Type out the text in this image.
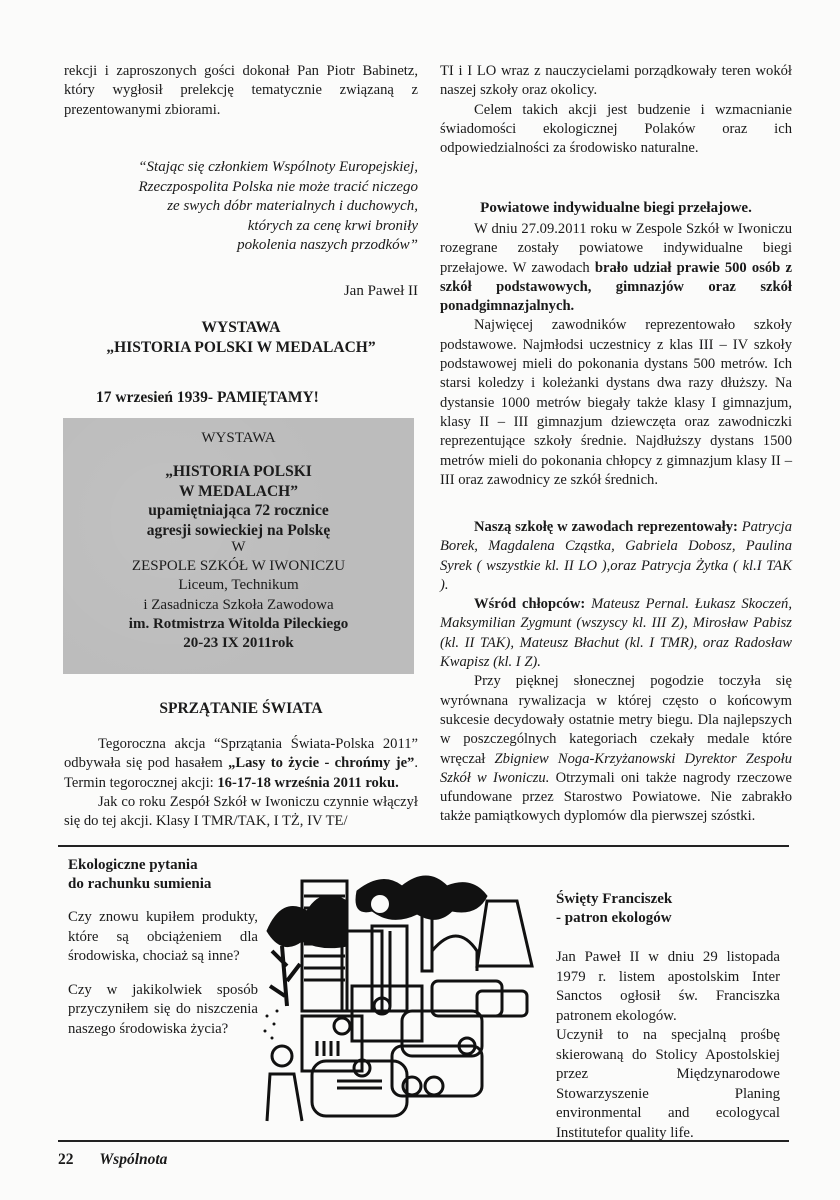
rekcji i zaproszonych gości dokonał Pan Piotr Babinetz, który wygłosił prelekcję tematycznie związaną z prezentowanymi zbiorami.

“Stając się członkiem Wspólnoty Europejskiej,
Rzeczpospolita Polska nie może tracić niczego
ze swych dóbr materialnych i duchowych,
których za cenę krwi broniły
pokolenia naszych przodków”
Jan Paweł II
WYSTAWA
„HISTORIA POLSKI W MEDALACH”
17 wrzesień 1939- PAMIĘTAMY!
WYSTAWA
„HISTORIA POLSKI
W MEDALACH”
upamiętniająca 72 rocznice
agresji sowieckiej na Polskę
W
ZESPOLE SZKÓŁ W IWONICZU
Liceum, Technikum
i Zasadnicza Szkoła Zawodowa
im. Rotmistrza Witolda Pileckiego
20-23 IX 2011rok
SPRZĄTANIE ŚWIATA

Tegoroczna akcja “Sprzątania Świata-Polska 2011” odbywała się pod hasałem „Lasy to życie - chrońmy je”. Termin tegorocznej akcji: 16-17-18 września 2011 roku.

Jak co roku Zespół Szkół w Iwoniczu czynnie włączył się do tej akcji. Klasy I TMR/TAK, I TŻ, IV TE/

TI i I LO wraz z nauczycielami porządkowały teren wokół naszej szkoły oraz okolicy.

Celem takich akcji jest budzenie i wzmacnianie świadomości ekologicznej Polaków oraz ich odpowiedzialności za środowisko naturalne.

Powiatowe indywidualne biegi przełajowe.

W dniu 27.09.2011 roku w Zespole Szkół w Iwoniczu rozegrane zostały powiatowe indywidualne biegi przełajowe. W zawodach brało udział prawie 500 osób z szkół podstawowych, gimnazjów oraz szkół ponadgimnazjalnych.

Najwięcej zawodników reprezentowało szkoły podstawowe. Najmłodsi uczestnicy z klas III – IV szkoły podstawowej mieli do pokonania dystans 500 metrów. Ich starsi koledzy i koleżanki dystans dwa razy dłuższy. Na dystansie 1000 metrów biegały także klasy I gimnazjum, klasy II – III gimnazjum dziewczęta oraz zawodniczki reprezentujące szkoły średnie. Najdłuższy dystans 1500 metrów mieli do pokonania chłopcy z gimnazjum klasy II – III oraz zawodnicy ze szkół średnich.

Naszą szkołę w zawodach reprezentowały: Patrycja Borek, Magdalena Cząstka, Gabriela Dobosz, Paulina Syrek ( wszystkie kl. II LO ),oraz Patrycja Żytka ( kl.I TAK ).

Wśród chłopców: Mateusz Pernal. Łukasz Skoczeń, Maksymilian Zygmunt (wszyscy kl. III Z), Mirosław Pabisz (kl. II TAK), Mateusz Błachut (kl. I TMR), oraz Radosław Kwapisz (kl. I Z).

Przy pięknej słonecznej pogodzie toczyła się wyrównana rywalizacja w której często o końcowym sukcesie decydowały ostatnie metry biegu. Dla najlepszych w poszczególnych kategoriach czekały medale które wręczał Zbigniew Noga-Krzyżanowski Dyrektor Zespołu Szkół w Iwoniczu. Otrzymali oni także nagrody rzeczowe ufundowane przez Starostwo Powiatowe. Nie zabrakło także pamiątkowych dyplomów dla pierwszej szóstki.

Ekologiczne pytania
do rachunku sumienia

Czy znowu kupiłem produkty, które są obciążeniem dla środowiska, chociaż są inne?

Czy w jakikolwiek sposób przyczyniłem się do niszczenia naszego środowiska życia?

Święty Franciszek
- patron ekologów

Jan Paweł II w dniu 29 listopada 1979 r. listem apostolskim Inter Sanctos ogłosił św. Franciszka patronem ekologów.

Uczynił to na specjalną prośbę skierowaną do Stolicy Apostolskiej przez Międzynarodowe Stowarzyszenie Planing environmental and ecologycal Institutefor quality life.

22 Wspólnota
